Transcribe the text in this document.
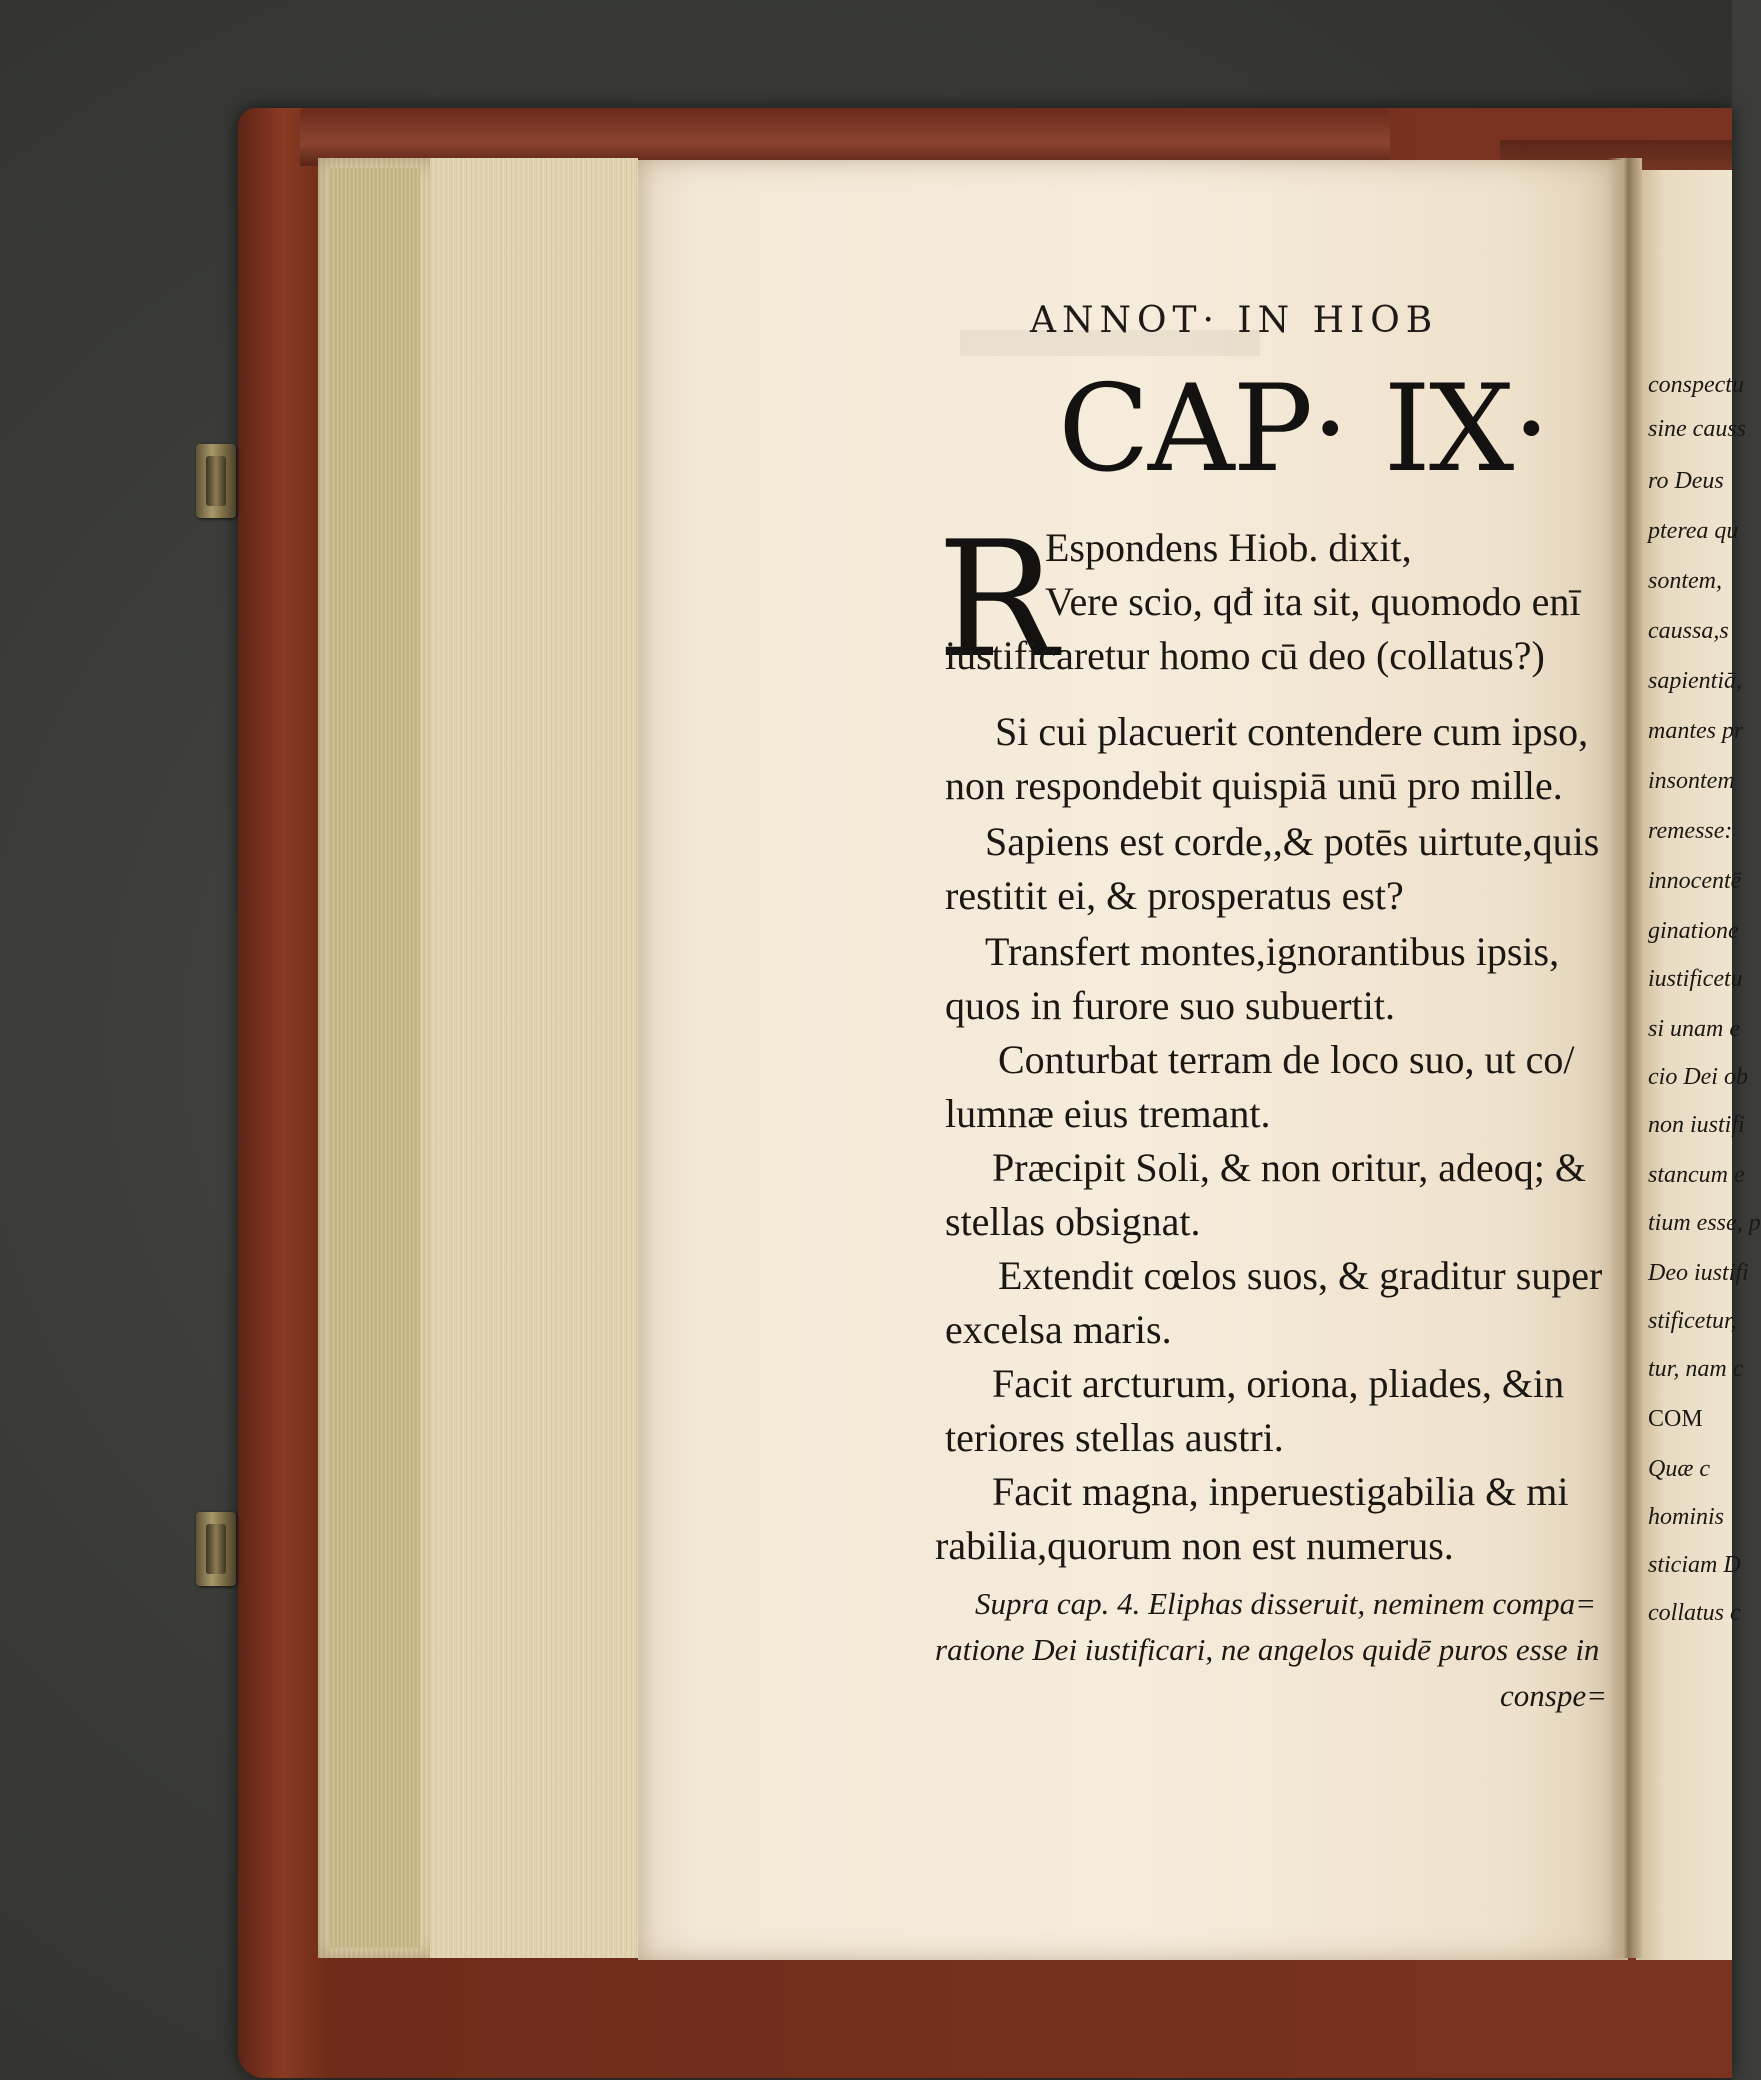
ANNOT· IN HIOB
CAP· IX·
R
Espondens Hiob. dixit,
Vere scio, qđ ita sit, quomodo enī
iustificaretur homo cū deo (collatus?)
Si cui placuerit contendere cum ipso,
non respondebit quispiā unū pro mille.
Sapiens est corde,,& potēs uirtute,quis
restitit ei, & prosperatus est?
Transfert montes,ignorantibus ipsis,
quos in furore suo subuertit.
Conturbat terram de loco suo, ut co/
lumnæ eius tremant.
Præcipit Soli, & non oritur, adeoq; &
stellas obsignat.
Extendit cœlos suos, & graditur super
excelsa maris.
Facit arcturum, oriona, pliades, &in
teriores stellas austri.
Facit magna, inperuestigabilia & mi
rabilia,quorum non est numerus.
Supra cap. 4. Eliphas disseruit, neminem compa=
ratione Dei iustificari, ne angelos quidē puros esse in
conspe=
conspectu
sine causs
ro Deus
pterea qu
sontem,
caussa,s
sapientiā,
mantes pr
insontem
remesse:
innocentē
ginatione
iustificetu
si unam e
cio Dei ob
non iustifi
stancum e
tium esse, p
Deo iustifi
stificetur,
tur, nam c
COM
Quæ c
hominis
sticiam D
collatus c
